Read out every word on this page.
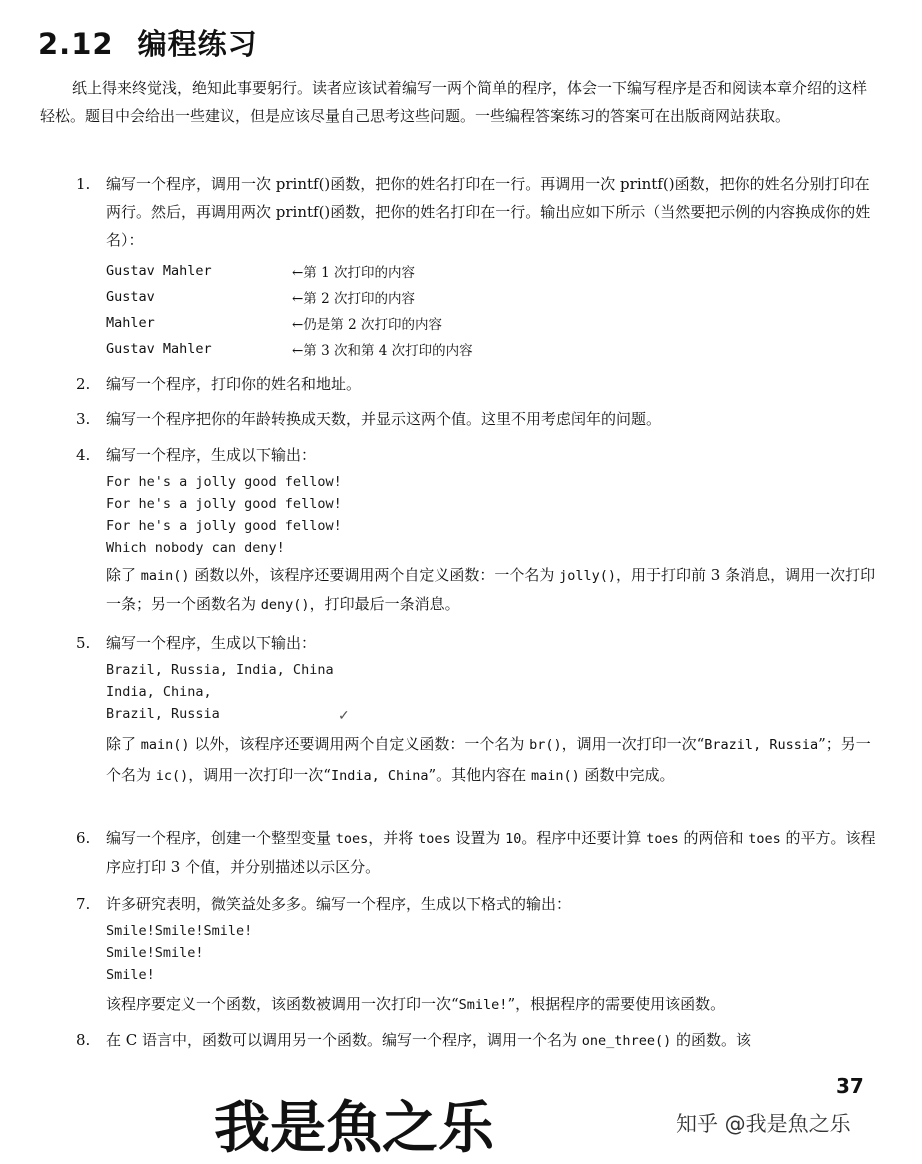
2.12 编程练习

纸上得来终觉浅，绝知此事要躬行。读者应该试着编写一两个简单的程序，体会一下编写程序是否和阅读本章介绍的这样轻松。题目中会给出一些建议，但是应该尽量自己思考这些问题。一些编程答案练习的答案可在出版商网站获取。

1.	编写一个程序，调用一次 printf()函数，把你的姓名打印在一行。再调用一次 printf()函数，把你的姓名分别打印在两行。然后，再调用两次 printf()函数，把你的姓名打印在一行。输出应如下所示（当然要把示例的内容换成你的姓名）：
Gustav Mahler	←第 1 次打印的内容
Gustav	←第 2 次打印的内容
Mahler	←仍是第 2 次打印的内容
Gustav Mahler	←第 3 次和第 4 次打印的内容
2.	编写一个程序，打印你的姓名和地址。
3.	编写一个程序把你的年龄转换成天数，并显示这两个值。这里不用考虑闰年的问题。
4.	编写一个程序，生成以下输出：
For he's a jolly good fellow!
For he's a jolly good fellow!
For he's a jolly good fellow!
Which nobody can deny!
除了 main() 函数以外，该程序还要调用两个自定义函数：一个名为 jolly()，用于打印前 3 条消息，调用一次打印一条；另一个函数名为 deny()，打印最后一条消息。
5.	编写一个程序，生成以下输出：
Brazil, Russia, India, China
India, China,
Brazil, Russia
除了 main() 以外，该程序还要调用两个自定义函数：一个名为 br()，调用一次打印一次“Brazil, Russia”；另一个名为 ic()，调用一次打印一次“India, China”。其他内容在 main() 函数中完成。
✓
6.	编写一个程序，创建一个整型变量 toes，并将 toes 设置为 10。程序中还要计算 toes 的两倍和 toes 的平方。该程序应打印 3 个值，并分别描述以示区分。
7.	许多研究表明，微笑益处多多。编写一个程序，生成以下格式的输出：
Smile!Smile!Smile!
Smile!Smile!
Smile!
该程序要定义一个函数，该函数被调用一次打印一次“Smile!”，根据程序的需要使用该函数。
8.	在 C 语言中，函数可以调用另一个函数。编写一个程序，调用一个名为 one_three() 的函数。该
37
我是魚之乐	知乎 @我是魚之乐
